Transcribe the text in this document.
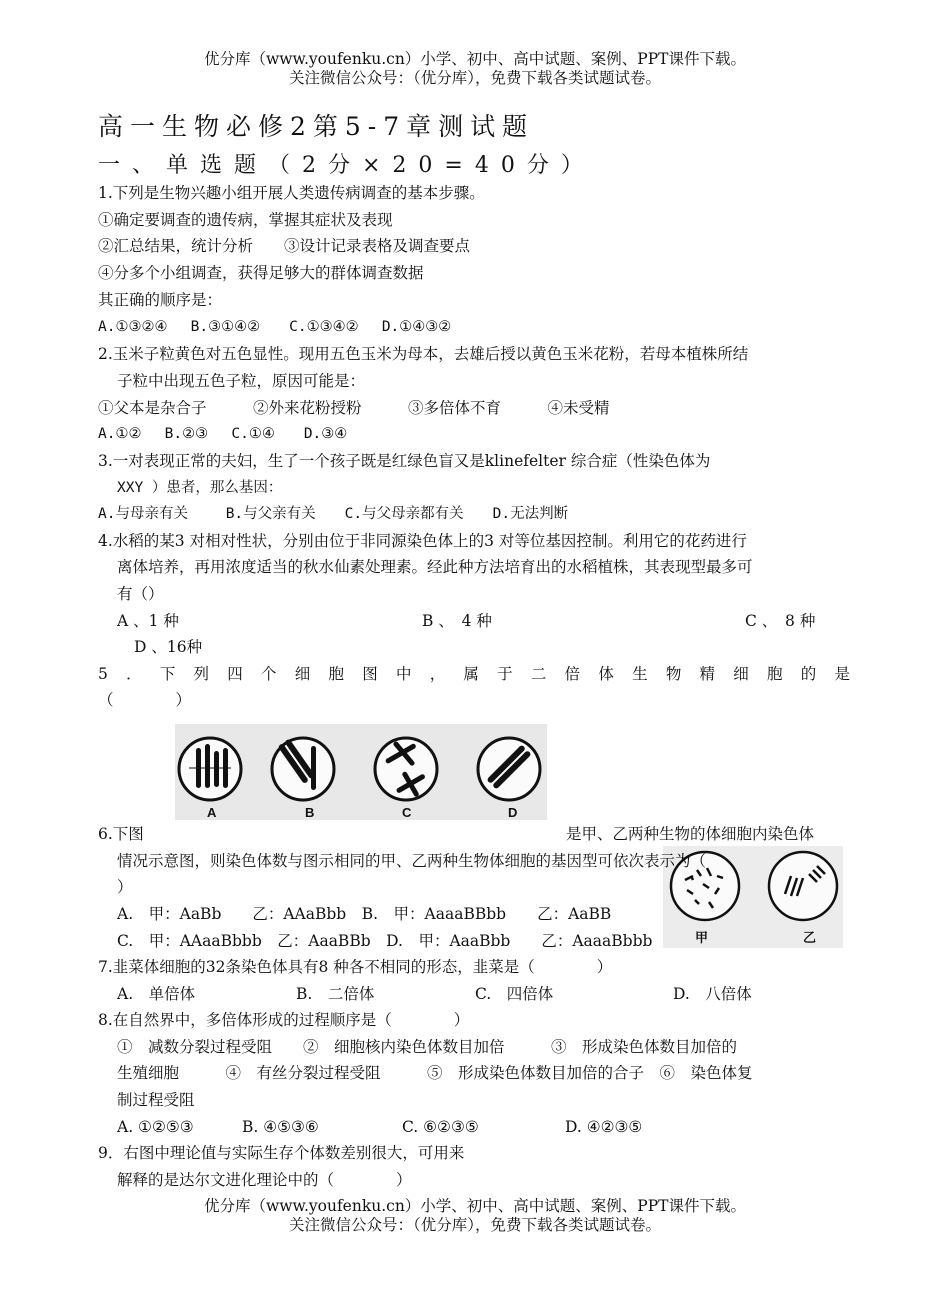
优分库（www.youfenku.cn）小学、初中、高中试题、案例、PPT课件下载。
关注微信公众号：（优分库），免费下载各类试题试卷。
高一生物必修2第5-7章测试题
一、单选题（2分×20=40分）
1.下列是生物兴趣小组开展人类遗传病调查的基本步骤。
①确定要调查的遗传病，掌握其症状及表现
②汇总结果，统计分析　　③设计记录表格及调查要点
④分多个小组调查，获得足够大的群体调查数据
其正确的顺序是：
A.①③②④　 B.③①④②　　C.①③④②　 D.①④③②
2.玉米子粒黄色对五色显性。现用五色玉米为母本，去雄后授以黄色玉米花粉，若母本植株所结
子粒中出现五色子粒，原因可能是：
①父本是杂合子　　　②外来花粉授粉　　　③多倍体不育　　　④未受精
A.①②　 B.②③　 C.①④　　D.③④
3.一对表现正常的夫妇，生了一个孩子既是红绿色盲又是klinefelter 综合症（性染色体为
XXY ）患者，那么基因：
A.与母亲有关　　 B.与父亲有关　　C.与父母亲都有关　　D.无法判断
4.水稻的某3 对相对性状，分别由位于非同源染色体上的3 对等位基因控制。利用它的花药进行
离体培养，再用浓度适当的秋水仙素处理素。经此种方法培育出的水稻植株，其表现型最多可
有（）
A 、1 种	B 、　4 种	C 、　8 种
D 、16种
5．下列四个细胞图中，属于二倍体生物精细胞的是
（　　　　）
A	B	C	D
6.下图	是甲、乙两种生物的体细胞内染色体
甲	乙
情况示意图，则染色体数与图示相同的甲、乙两种生物体细胞的基因型可依次表示为（
）
A.　甲：AaBb　　乙：AAaBbb　B.　甲：AaaaBBbb　　乙：AaBB
C.　甲：AAaaBbbb　乙：AaaBBb　D.　甲：AaaBbb　　乙：AaaaBbbb
7.韭菜体细胞的32条染色体具有8 种各不相同的形态，韭菜是（　　　　）
A.　单倍体	B.　二倍体	C.　四倍体	D.　八倍体
8.在自然界中，多倍体形成的过程顺序是（　　　　）
①　减数分裂过程受阻　　②　细胞核内染色体数目加倍　　　③　形成染色体数目加倍的
生殖细胞　　　④　有丝分裂过程受阻　　　⑤　形成染色体数目加倍的合子　⑥　染色体复
制过程受阻
A. ①②⑤③	B. ④⑤③⑥	C. ⑥②③⑤	D. ④②③⑤
9．右图中理论值与实际生存个体数差别很大，可用来
解释的是达尔文进化理论中的（　　　　）
优分库（www.youfenku.cn）小学、初中、高中试题、案例、PPT课件下载。
关注微信公众号：（优分库），免费下载各类试题试卷。
